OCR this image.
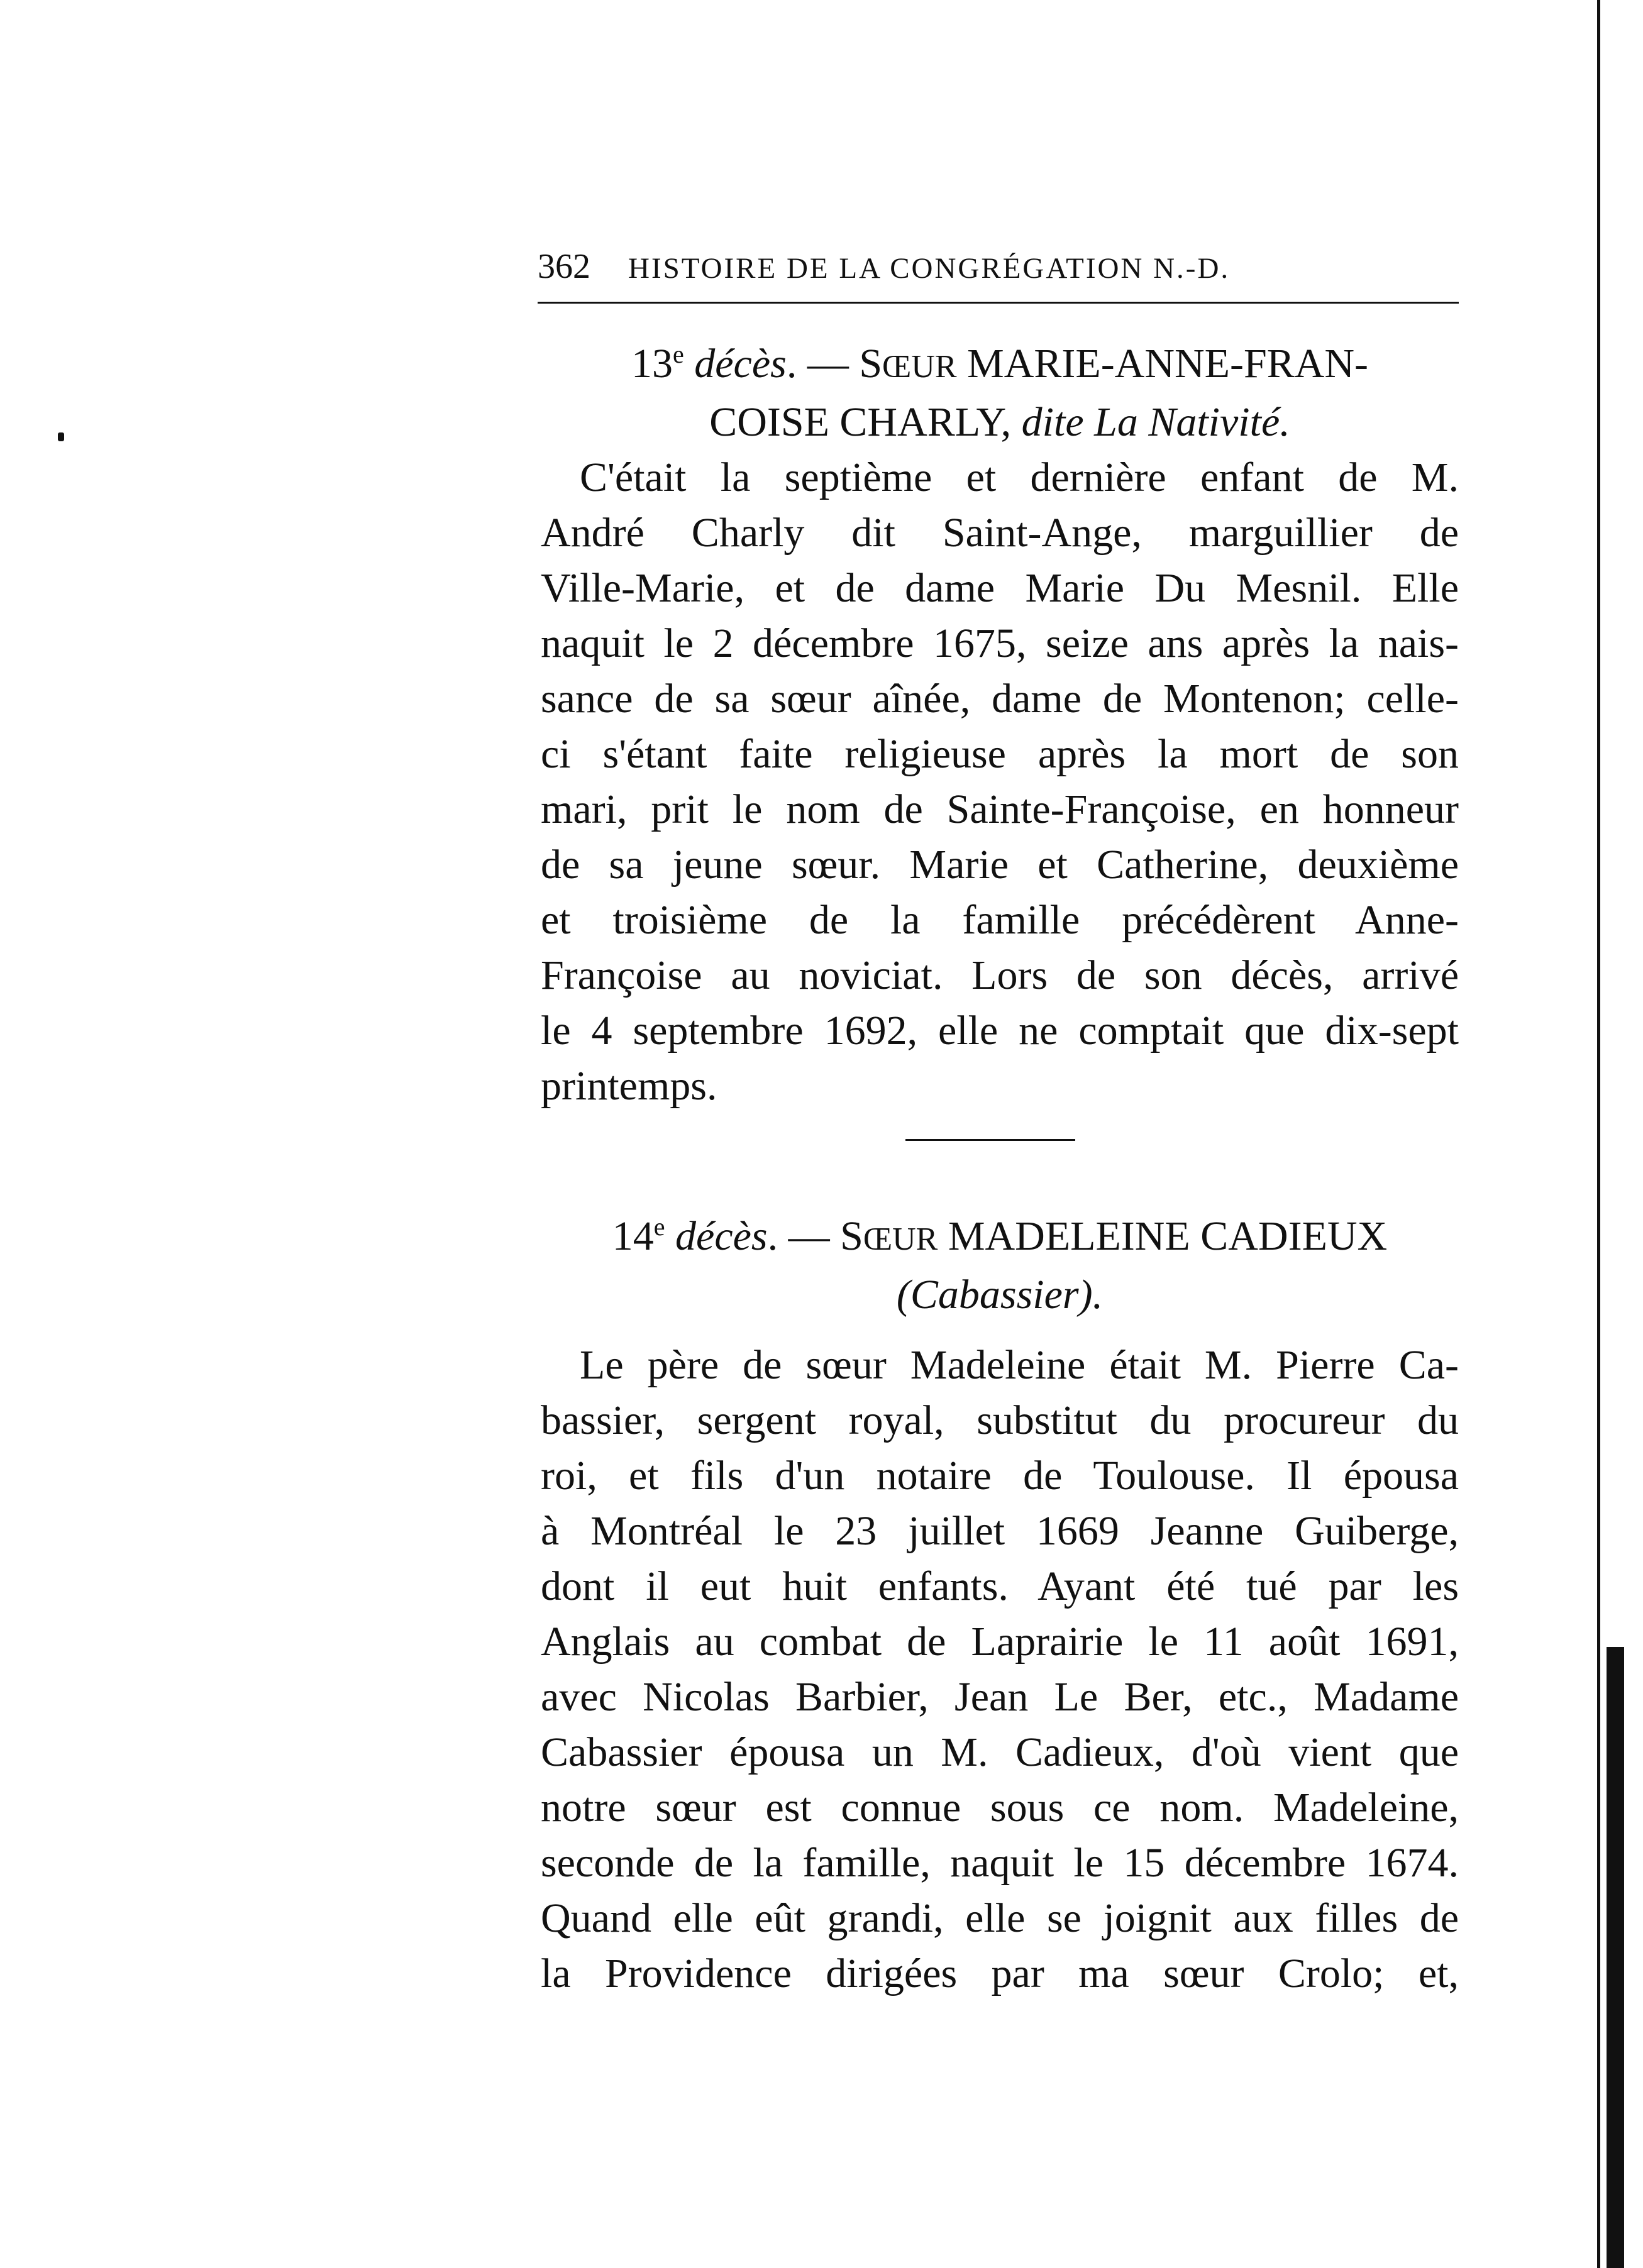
362 HISTOIRE DE LA CONGRÉGATION N.-D.

13e décès. — SŒUR MARIE-ANNE-FRAN-

COISE CHARLY, dite La Nativité.

C'était la septième et dernière enfant de M.
André Charly dit Saint-Ange, marguillier de
Ville-Marie, et de dame Marie Du Mesnil. Elle
naquit le 2 décembre 1675, seize ans après la nais-
sance de sa sœur aînée, dame de Montenon; celle-
ci s'étant faite religieuse après la mort de son
mari, prit le nom de Sainte-Françoise, en honneur
de sa jeune sœur. Marie et Catherine, deuxième
et troisième de la famille précédèrent Anne-
Françoise au noviciat. Lors de son décès, arrivé
le 4 septembre 1692, elle ne comptait que dix-sept
printemps.

14e décès. — SŒUR MADELEINE CADIEUX

(Cabassier).

Le père de sœur Madeleine était M. Pierre Ca-
bassier, sergent royal, substitut du procureur du
roi, et fils d'un notaire de Toulouse. Il épousa
à Montréal le 23 juillet 1669 Jeanne Guiberge,
dont il eut huit enfants. Ayant été tué par les
Anglais au combat de Laprairie le 11 août 1691,
avec Nicolas Barbier, Jean Le Ber, etc., Madame
Cabassier épousa un M. Cadieux, d'où vient que
notre sœur est connue sous ce nom. Madeleine,
seconde de la famille, naquit le 15 décembre 1674.
Quand elle eût grandi, elle se joignit aux filles de
la Providence dirigées par ma sœur Crolo; et,
